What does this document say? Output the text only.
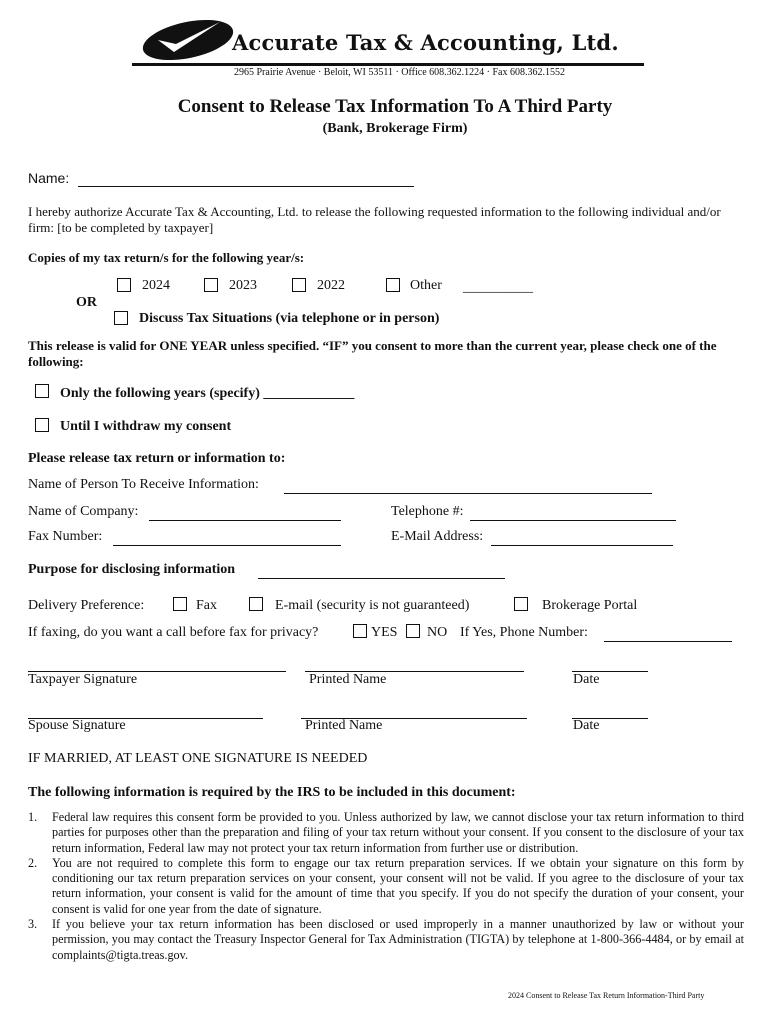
Accurate Tax & Accounting, Ltd.
2965 Prairie Avenue · Beloit, WI 53511 · Office 608.362.1224 · Fax 608.362.1552
Consent to Release Tax Information To A Third Party
(Bank, Brokerage Firm)
Name:
I hereby authorize Accurate Tax & Accounting, Ltd. to release the following requested information to the following individual and/or firm: [to be completed by taxpayer]
Copies of my tax return/s for the following year/s:
2024	2023	2022	Other __________
OR
Discuss Tax Situations (via telephone or in person)
This release is valid for ONE YEAR unless specified. “IF” you consent to more than the current year, please check one of the following:
Only the following years (specify) _____________
Until I withdraw my consent
Please release tax return or information to:
Name of Person To Receive Information:
Name of Company:	Telephone #:
Fax Number:	E-Mail Address:
Purpose for disclosing information
Delivery Preference:	Fax	E-mail (security is not guaranteed)	Brokerage Portal
If faxing, do you want a call before fax for privacy?	YES NO If Yes, Phone Number:
Taxpayer Signature	Printed Name	Date
Spouse Signature	Printed Name	Date
IF MARRIED, AT LEAST ONE SIGNATURE IS NEEDED
The following information is required by the IRS to be included in this document:
1. Federal law requires this consent form be provided to you. Unless authorized by law, we cannot disclose your tax return information to third parties for purposes other than the preparation and filing of your tax return without your consent. If you consent to the disclosure of your tax return information, Federal law may not protect your tax return information from further use or distribution.
2. You are not required to complete this form to engage our tax return preparation services. If we obtain your signature on this form by conditioning our tax return preparation services on your consent, your consent will not be valid. If you agree to the disclosure of your tax return information, your consent is valid for the amount of time that you specify. If you do not specify the duration of your consent, your consent is valid for one year from the date of signature.
3. If you believe your tax return information has been disclosed or used improperly in a manner unauthorized by law or without your permission, you may contact the Treasury Inspector General for Tax Administration (TIGTA) by telephone at 1-800-366-4484, or by email at complaints@tigta.treas.gov.
2024 Consent to Release Tax Return Information-Third Party
